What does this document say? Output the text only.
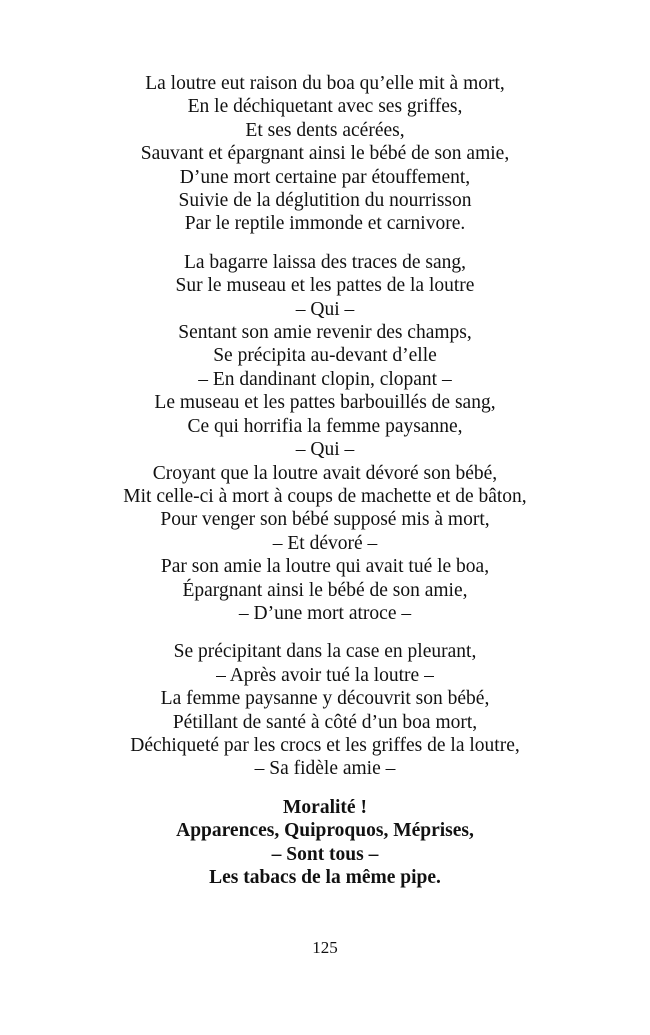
La loutre eut raison du boa qu’elle mit à mort,
En le déchiquetant avec ses griffes,
Et ses dents acérées,
Sauvant et épargnant ainsi le bébé de son amie,
D’une mort certaine par étouffement,
Suivie de la déglutition du nourrisson
Par le reptile immonde et carnivore.
La bagarre laissa des traces de sang,
Sur le museau et les pattes de la loutre
– Qui –
Sentant son amie revenir des champs,
Se précipita au-devant d’elle
– En dandinant clopin, clopant –
Le museau et les pattes barbouillés de sang,
Ce qui horrifia la femme paysanne,
– Qui –
Croyant que la loutre avait dévoré son bébé,
Mit celle-ci à mort à coups de machette et de bâton,
Pour venger son bébé supposé mis à mort,
– Et dévoré –
Par son amie la loutre qui avait tué le boa,
Épargnant ainsi le bébé de son amie,
– D’une mort atroce –
Se précipitant dans la case en pleurant,
– Après avoir tué la loutre –
La femme paysanne y découvrit son bébé,
Pétillant de santé à côté d’un boa mort,
Déchiqueté par les crocs et les griffes de la loutre,
– Sa fidèle amie –
Moralité !
Apparences, Quiproquos, Méprises,
– Sont tous –
Les tabacs de la même pipe.
125
